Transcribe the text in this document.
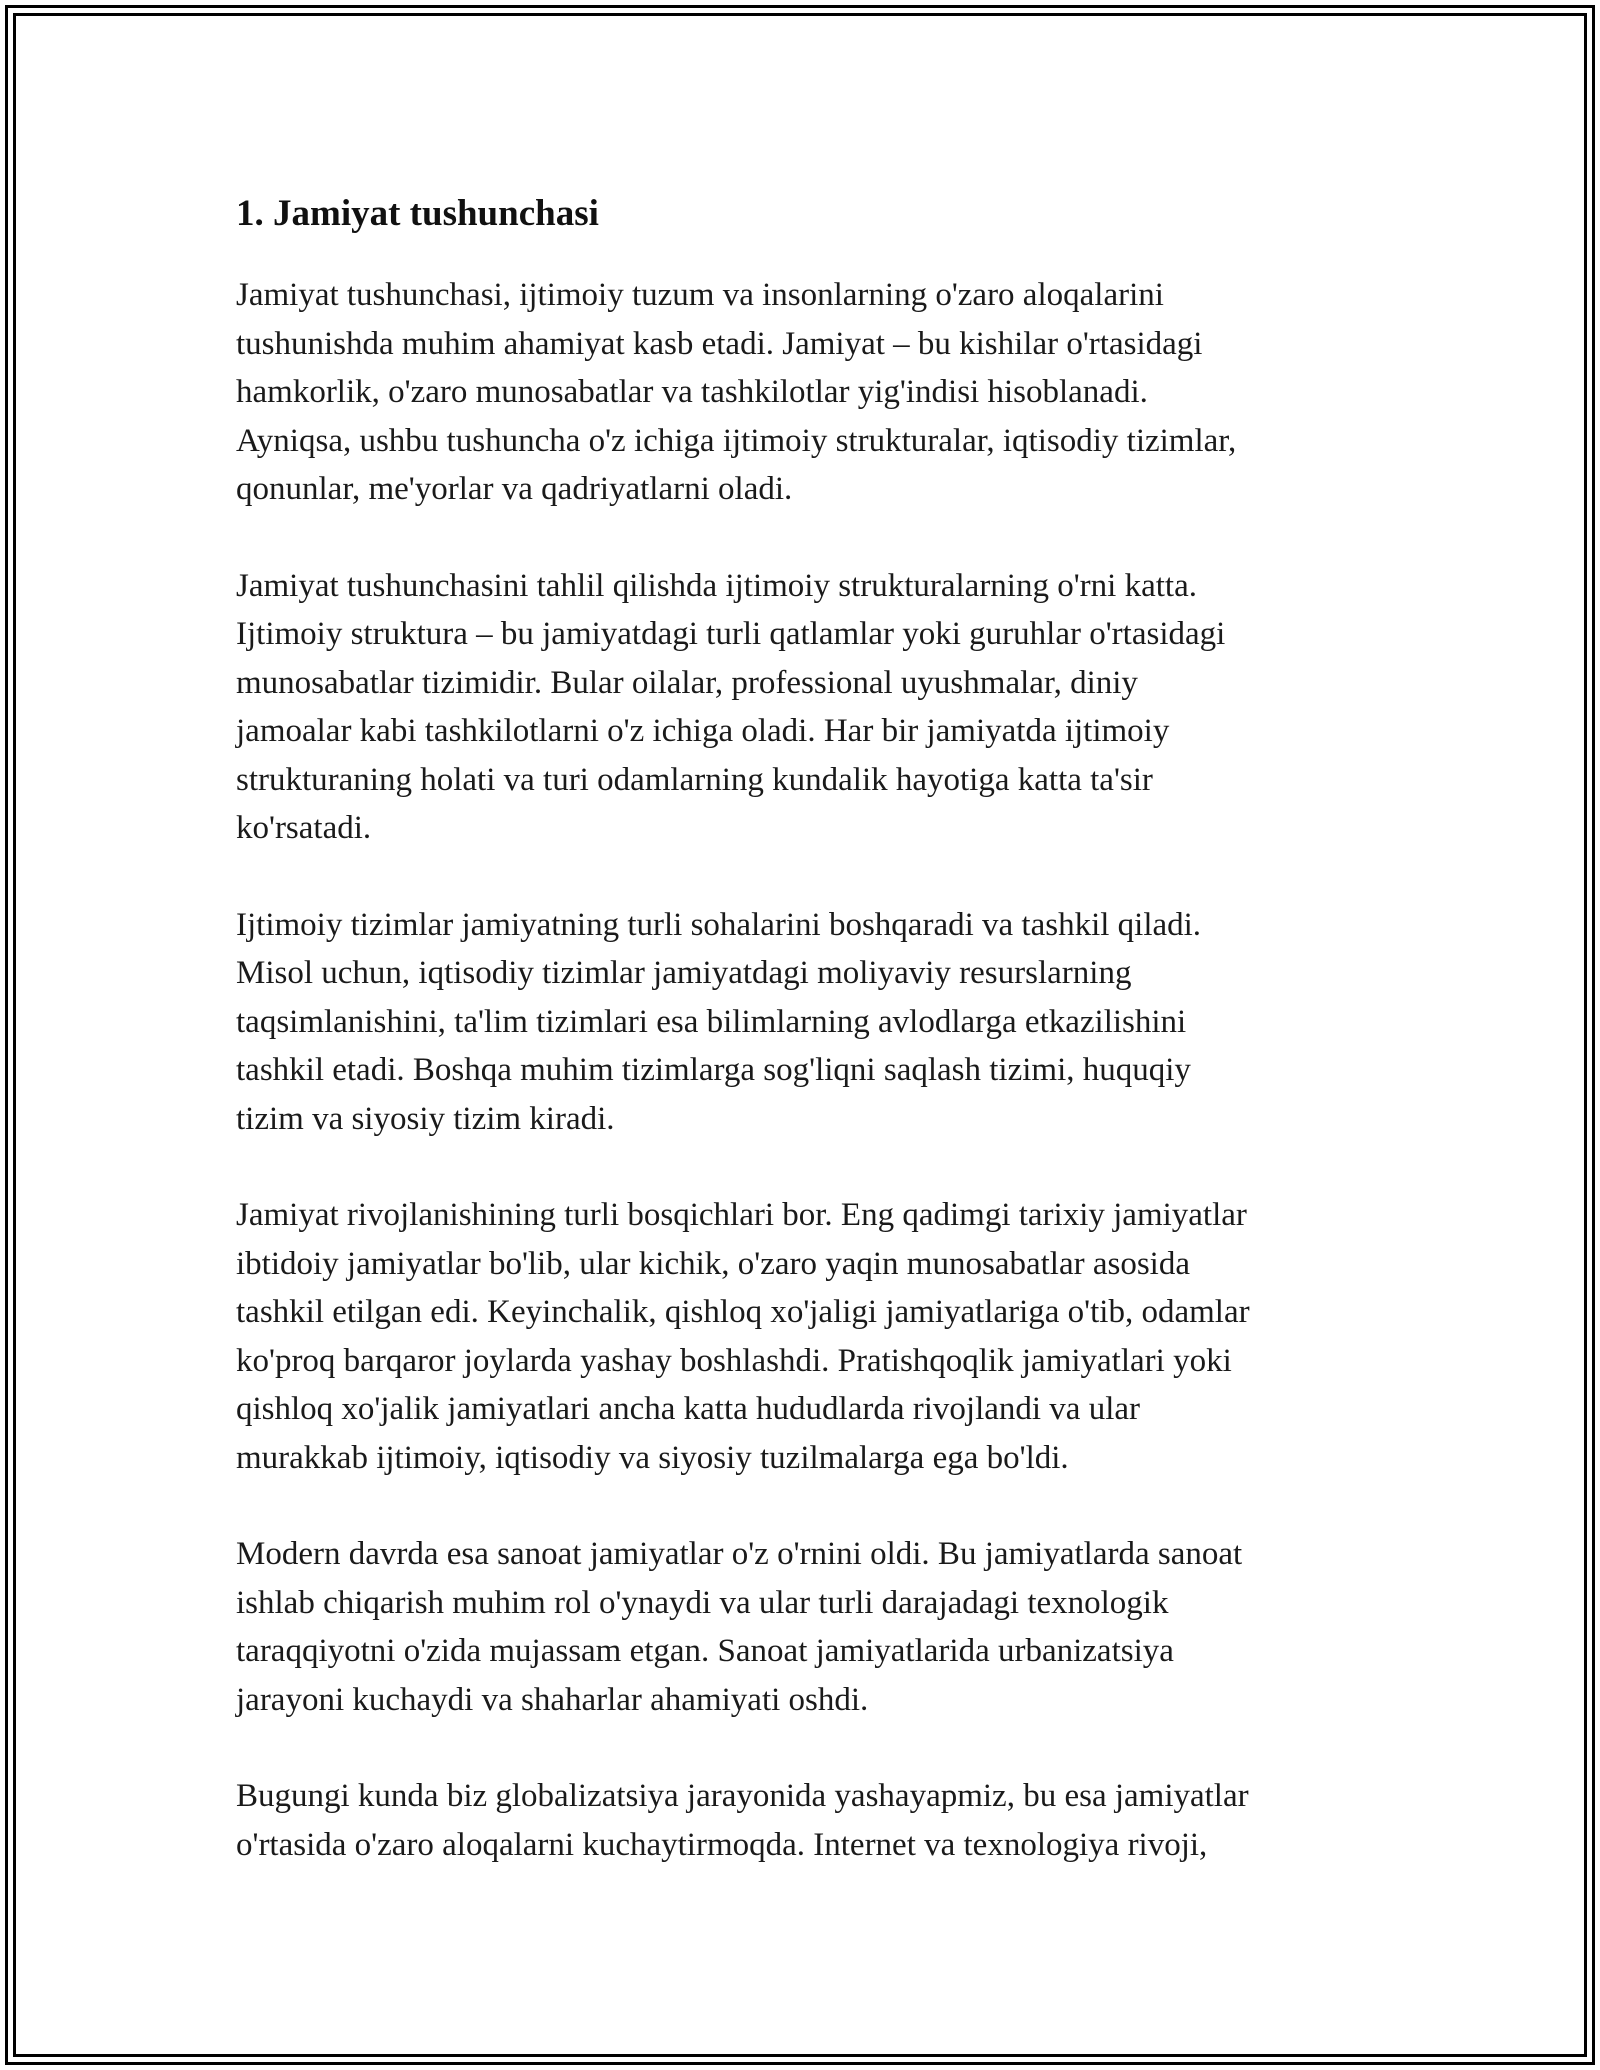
1. Jamiyat tushunchasi

Jamiyat tushunchasi, ijtimoiy tuzum va insonlarning o'zaro aloqalarini
tushunishda muhim ahamiyat kasb etadi. Jamiyat – bu kishilar o'rtasidagi
hamkorlik, o'zaro munosabatlar va tashkilotlar yig'indisi hisoblanadi.
Ayniqsa, ushbu tushuncha o'z ichiga ijtimoiy strukturalar, iqtisodiy tizimlar,
qonunlar, me'yorlar va qadriyatlarni oladi.

Jamiyat tushunchasini tahlil qilishda ijtimoiy strukturalarning o'rni katta.
Ijtimoiy struktura – bu jamiyatdagi turli qatlamlar yoki guruhlar o'rtasidagi
munosabatlar tizimidir. Bular oilalar, professional uyushmalar, diniy
jamoalar kabi tashkilotlarni o'z ichiga oladi. Har bir jamiyatda ijtimoiy
strukturaning holati va turi odamlarning kundalik hayotiga katta ta'sir
ko'rsatadi.

Ijtimoiy tizimlar jamiyatning turli sohalarini boshqaradi va tashkil qiladi.
Misol uchun, iqtisodiy tizimlar jamiyatdagi moliyaviy resurslarning
taqsimlanishini, ta'lim tizimlari esa bilimlarning avlodlarga etkazilishini
tashkil etadi. Boshqa muhim tizimlarga sog'liqni saqlash tizimi, huquqiy
tizim va siyosiy tizim kiradi.

Jamiyat rivojlanishining turli bosqichlari bor. Eng qadimgi tarixiy jamiyatlar
ibtidoiy jamiyatlar bo'lib, ular kichik, o'zaro yaqin munosabatlar asosida
tashkil etilgan edi. Keyinchalik, qishloq xo'jaligi jamiyatlariga o'tib, odamlar
ko'proq barqaror joylarda yashay boshlashdi. Pratishqoqlik jamiyatlari yoki
qishloq xo'jalik jamiyatlari ancha katta hududlarda rivojlandi va ular
murakkab ijtimoiy, iqtisodiy va siyosiy tuzilmalarga ega bo'ldi.

Modern davrda esa sanoat jamiyatlar o'z o'rnini oldi. Bu jamiyatlarda sanoat
ishlab chiqarish muhim rol o'ynaydi va ular turli darajadagi texnologik
taraqqiyotni o'zida mujassam etgan. Sanoat jamiyatlarida urbanizatsiya
jarayoni kuchaydi va shaharlar ahamiyati oshdi.

Bugungi kunda biz globalizatsiya jarayonida yashayapmiz, bu esa jamiyatlar
o'rtasida o'zaro aloqalarni kuchaytirmoqda. Internet va texnologiya rivoji,
